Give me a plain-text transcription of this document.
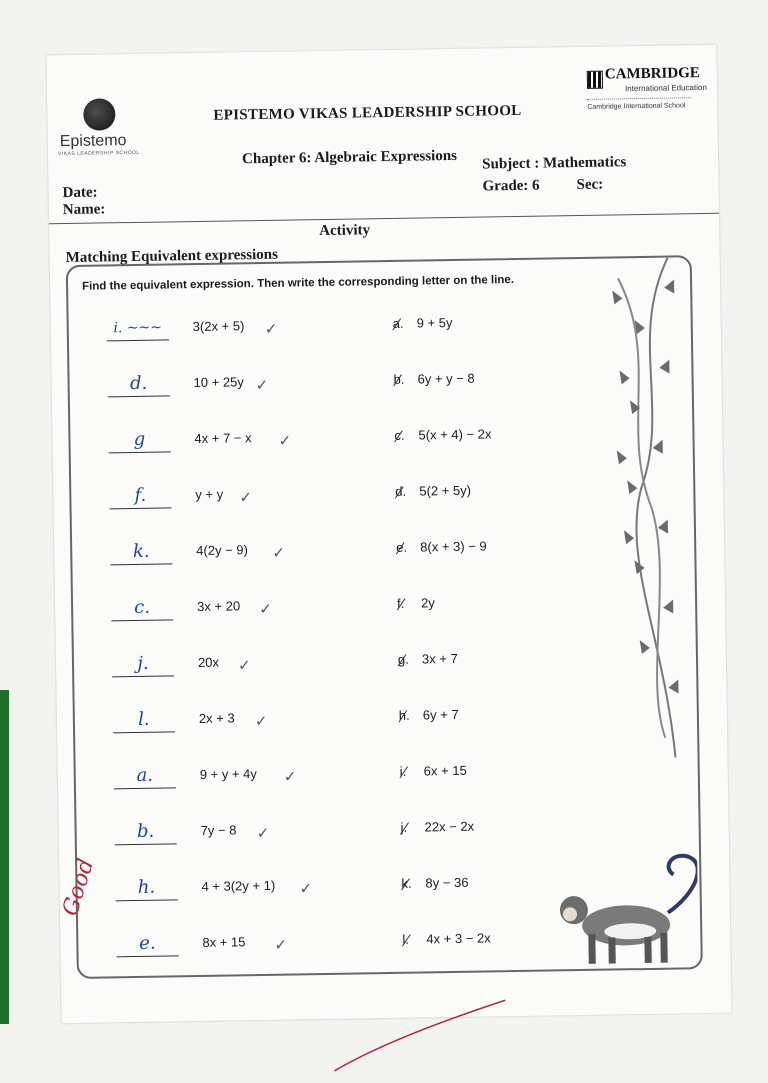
Epistemo
VIKAS LEADERSHIP SCHOOL
EPISTEMO VIKAS LEADERSHIP SCHOOL
CAMBRIDGE
International Education
Cambridge International School
Chapter 6: Algebraic Expressions Subject : Mathematics
Grade: 6 Sec:
Date:
Name:
Activity
Matching Equivalent expressions
Find the equivalent expression. Then write the corresponding letter on the line.
i. ~~~	3(2x + 5) ✓	a. 9 + 5y
d.	10 + 25y ✓	b. 6y + y − 8
g	4x + 7 − x ✓	c. 5(x + 4) − 2x
f.	y + y ✓	d. 5(2 + 5y)
k.	4(2y − 9) ✓	e. 8(x + 3) − 9
c.	3x + 20 ✓	f. 2y
j.	20x ✓	g. 3x + 7
l.	2x + 3 ✓	h. 6y + 7
a.	9 + y + 4y ✓	i. 6x + 15
b.	7y − 8 ✓	j. 22x − 2x
h.	4 + 3(2y + 1) ✓	k. 8y − 36
e.	8x + 15 ✓	l. 4x + 3 − 2x
Good
